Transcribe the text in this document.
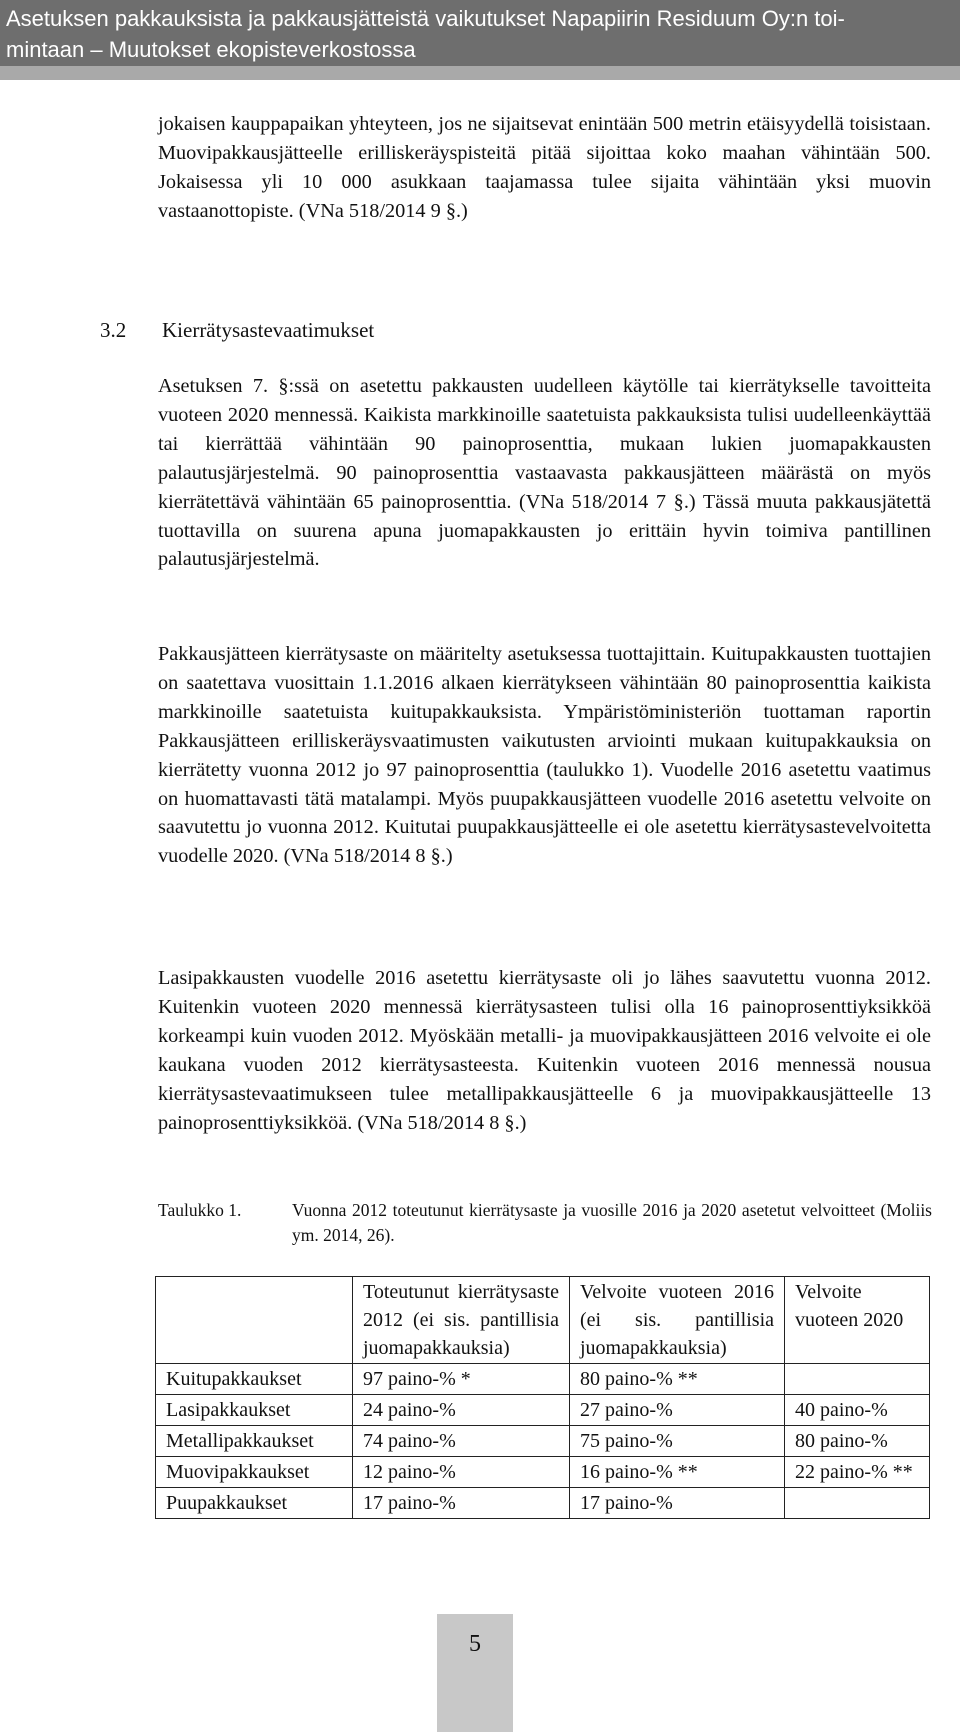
Asetuksen pakkauksista ja pakkausjätteistä vaikutukset Napapiirin Residuum Oy:n toi-
mintaan – Muutokset ekopisteverkostossa

jokaisen kauppapaikan yhteyteen, jos ne sijaitsevat enintään 500 metrin etäisyydellä toisistaan. Muovipakkausjätteelle erilliskeräyspisteitä pitää sijoittaa koko maahan vähintään 500. Jokaisessa yli 10 000 asukkaan taajamassa tulee sijaita vähintään yksi muovin vastaanottopiste. (VNa 518/2014 9 §.)

3.2 Kierrätysastevaatimukset

Asetuksen 7. §:ssä on asetettu pakkausten uudelleen käytölle tai kierrätykselle tavoitteita vuoteen 2020 mennessä. Kaikista markkinoille saatetuista pakkauksista tulisi uudelleenkäyttää tai kierrättää vähintään 90 painoprosenttia, mukaan lukien juomapakkausten palautusjärjestelmä. 90 painoprosenttia vastaavasta pakkausjätteen määrästä on myös kierrätettävä vähintään 65 painoprosenttia. (VNa 518/2014 7 §.) Tässä muuta pakkausjätettä tuottavilla on suurena apuna juomapakkausten jo erittäin hyvin toimiva pantillinen palautusjärjestelmä.

Pakkausjätteen kierrätysaste on määritelty asetuksessa tuottajittain. Kuitupakkausten tuottajien on saatettava vuosittain 1.1.2016 alkaen kierrätykseen vähintään 80 painoprosenttia kaikista markkinoille saatetuista kuitupakkauksista. Ympäristöministeriön tuottaman raportin Pakkausjätteen erilliskeräysvaatimusten vaikutusten arviointi mukaan kuitupakkauksia on kierrätetty vuonna 2012 jo 97 painoprosenttia (taulukko 1). Vuodelle 2016 asetettu vaatimus on huomattavasti tätä matalampi. Myös puupakkausjätteen vuodelle 2016 asetettu velvoite on saavutettu jo vuonna 2012. Kuitutai puupakkausjätteelle ei ole asetettu kierrätysastevelvoitetta vuodelle 2020. (VNa 518/2014 8 §.)

Lasipakkausten vuodelle 2016 asetettu kierrätysaste oli jo lähes saavutettu vuonna 2012. Kuitenkin vuoteen 2020 mennessä kierrätysasteen tulisi olla 16 painoprosenttiyksikköä korkeampi kuin vuoden 2012. Myöskään metalli- ja muovipakkausjätteen 2016 velvoite ei ole kaukana vuoden 2012 kierrätysasteesta. Kuitenkin vuoteen 2016 mennessä nousua kierrätysastevaatimukseen tulee metallipakkausjätteelle 6 ja muovipakkausjätteelle 13 painoprosenttiyksikköä. (VNa 518/2014 8 §.)

Taulukko 1.	Vuonna 2012 toteutunut kierrätysaste ja vuosille 2016 ja 2020 asetetut velvoitteet (Moliis ym. 2014, 26).
	Toteutunut kierrätysaste 2012 (ei sis. pantillisia juomapakkauksia)	Velvoite vuoteen 2016 (ei sis. pantillisia juomapakkauksia)	Velvoite vuoteen 2020
Kuitupakkaukset	97 paino-% *	80 paino-% **	
Lasipakkaukset	24 paino-%	27 paino-%	40 paino-%
Metallipakkaukset	74 paino-%	75 paino-%	80 paino-%
Muovipakkaukset	12 paino-%	16 paino-% **	22 paino-% **
Puupakkaukset	17 paino-%	17 paino-%	
5
